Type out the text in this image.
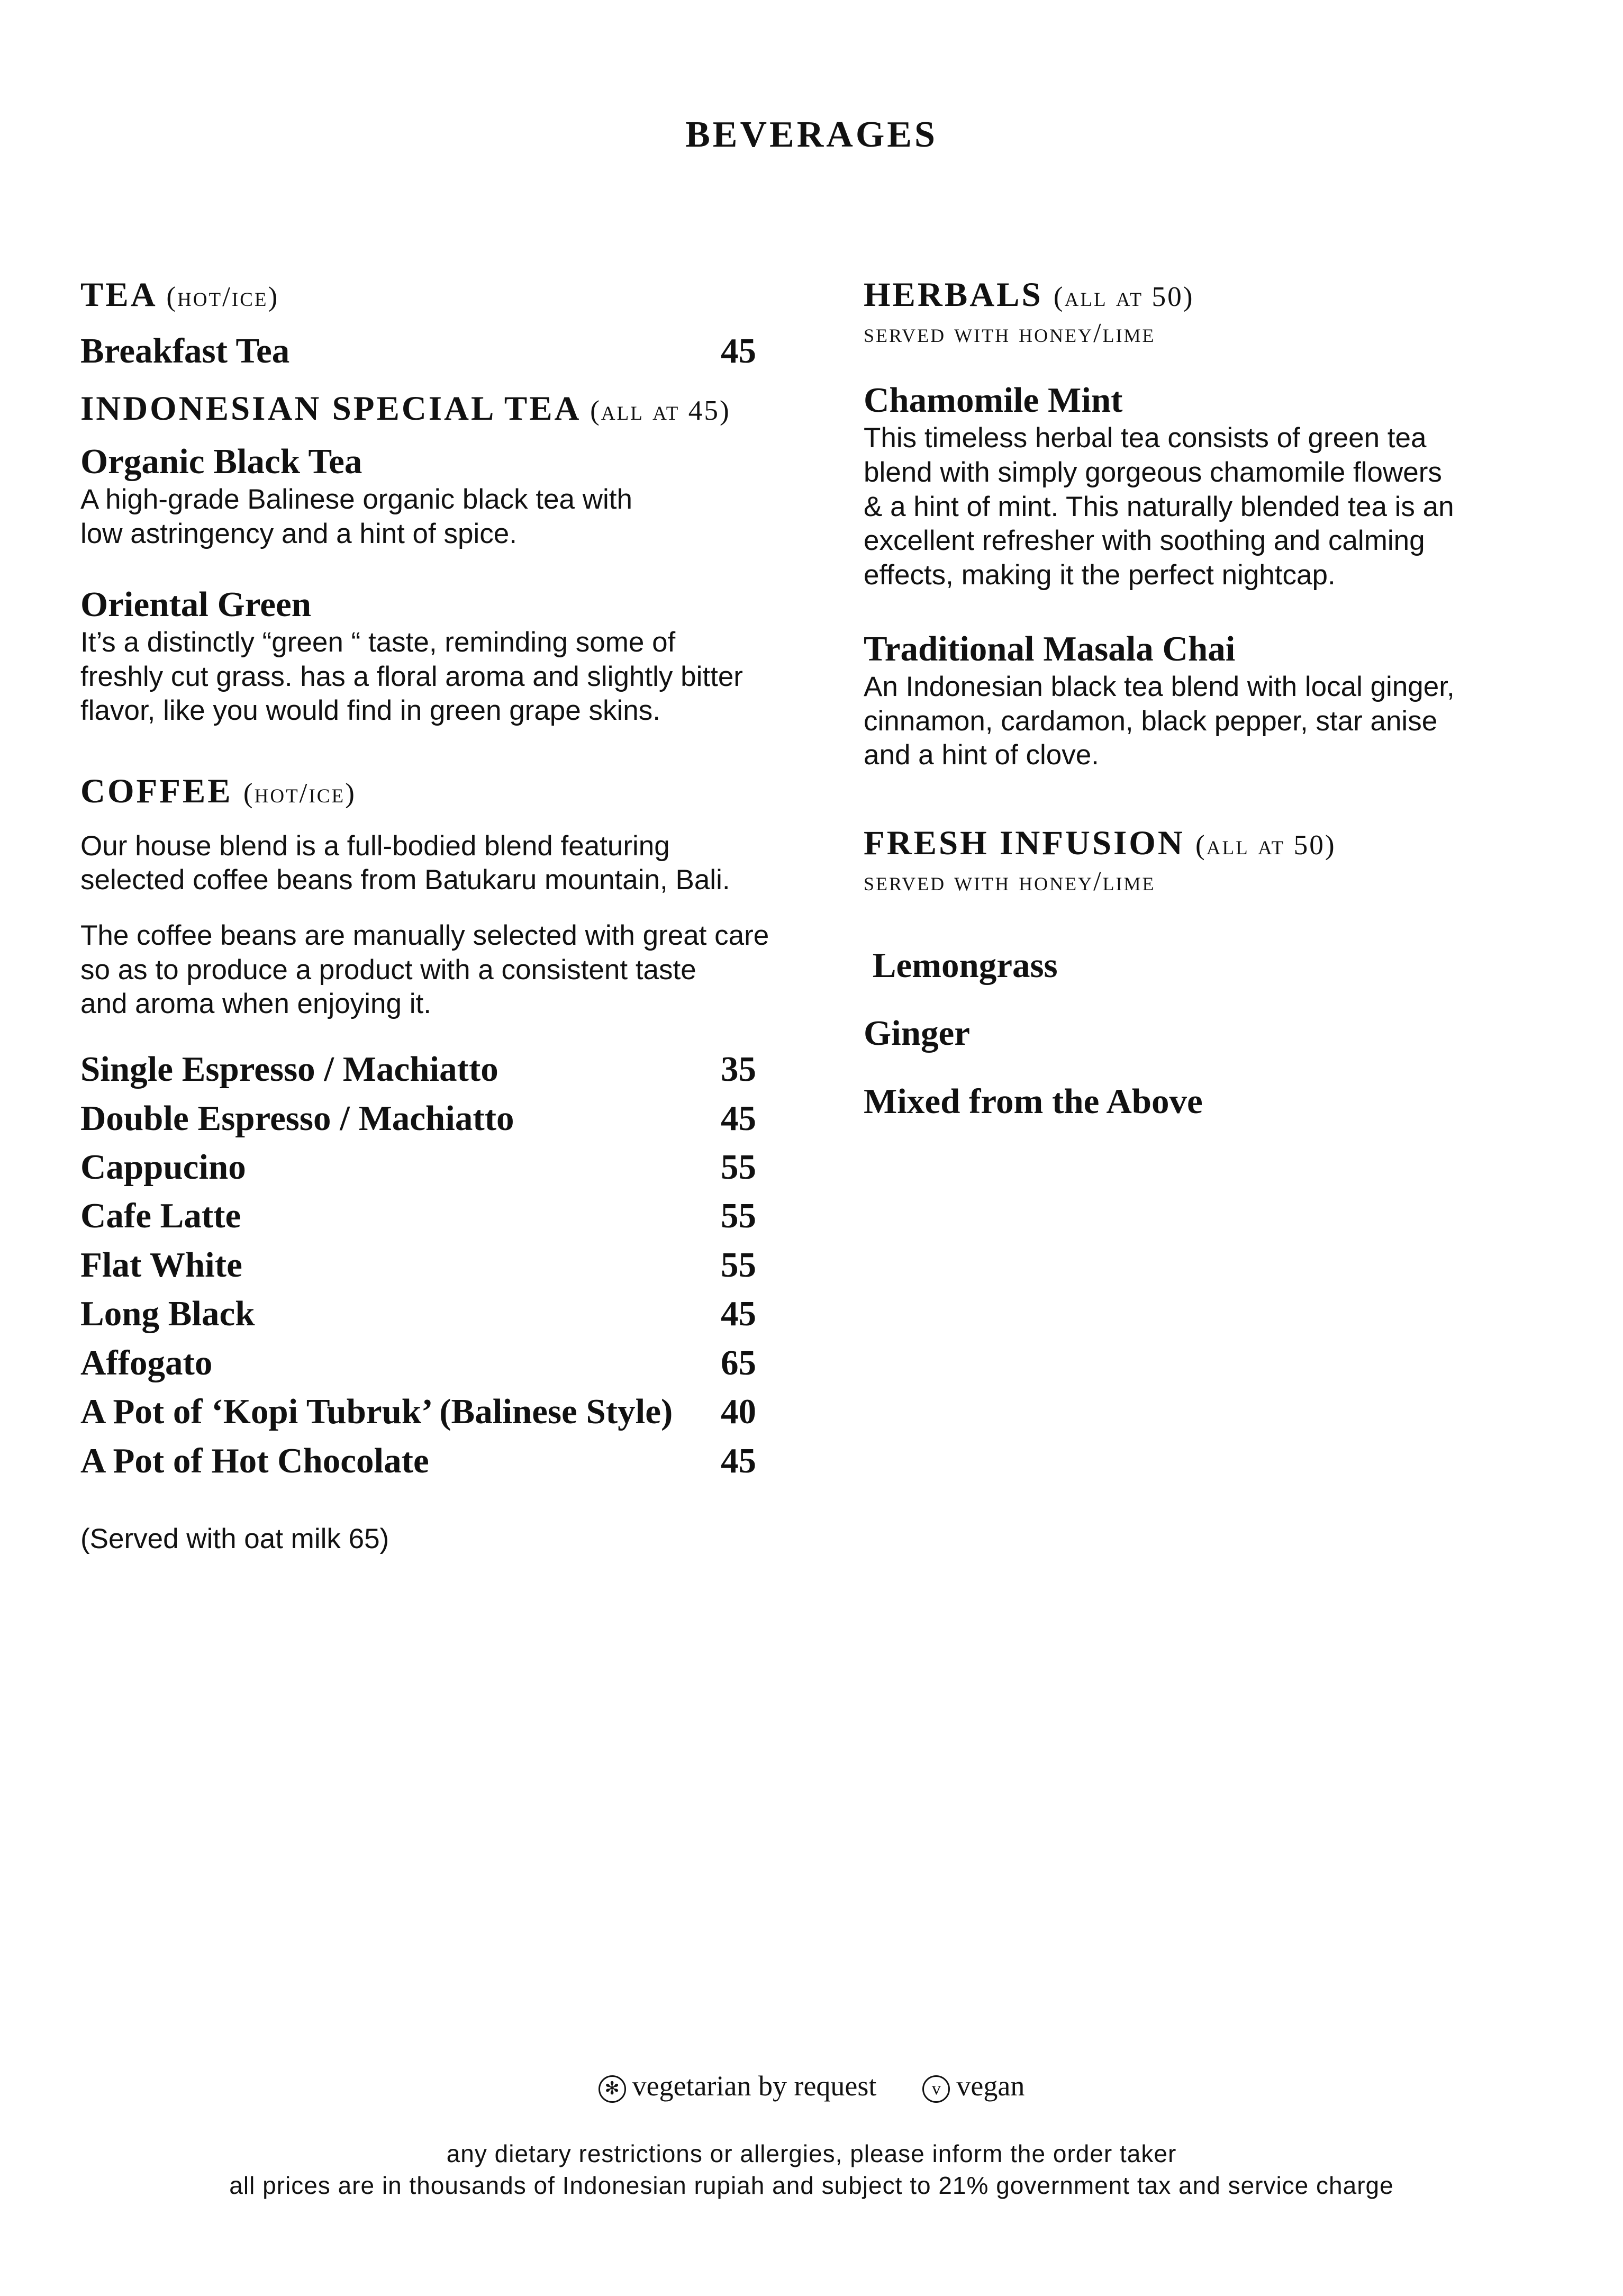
BEVERAGES
TEA (hot/ice)
Breakfast Tea	45
INDONESIAN SPECIAL TEA (all at 45)
Organic Black Tea
A high-grade Balinese organic black tea with
low astringency and a hint of spice.
Oriental Green
It’s a distinctly “green “ taste, reminding some of
freshly cut grass. has a floral aroma and slightly bitter
flavor, like you would find in green grape skins.
COFFEE (hot/ice)
Our house blend is a full-bodied blend featuring
selected coffee beans from Batukaru mountain, Bali.
The coffee beans are manually selected with great care
so as to produce a product with a consistent taste
and aroma when enjoying it.
Single Espresso / Machiatto	35
Double Espresso / Machiatto	45
Cappucino	55
Cafe Latte	55
Flat White	55
Long Black	45
Affogato	65
A Pot of ‘Kopi Tubruk’ (Balinese Style) 40
A Pot of Hot Chocolate	45
(Served with oat milk 65)
HERBALS (all at 50)
served with honey/lime
Chamomile Mint
This timeless herbal tea consists of green tea
blend with simply gorgeous chamomile flowers
& a hint of mint. This naturally blended tea is an
excellent refresher with soothing and calming
effects, making it the perfect nightcap.
Traditional Masala Chai
An Indonesian black tea blend with local ginger,
cinnamon, cardamon, black pepper, star anise
and a hint of clove.
FRESH INFUSION (all at 50)
served with honey/lime

Lemongrass

Ginger

Mixed from the Above

✻ vegetarian by request	v vegan
any dietary restrictions or allergies, please inform the order taker
all prices are in thousands of Indonesian rupiah and subject to 21% government tax and service charge
